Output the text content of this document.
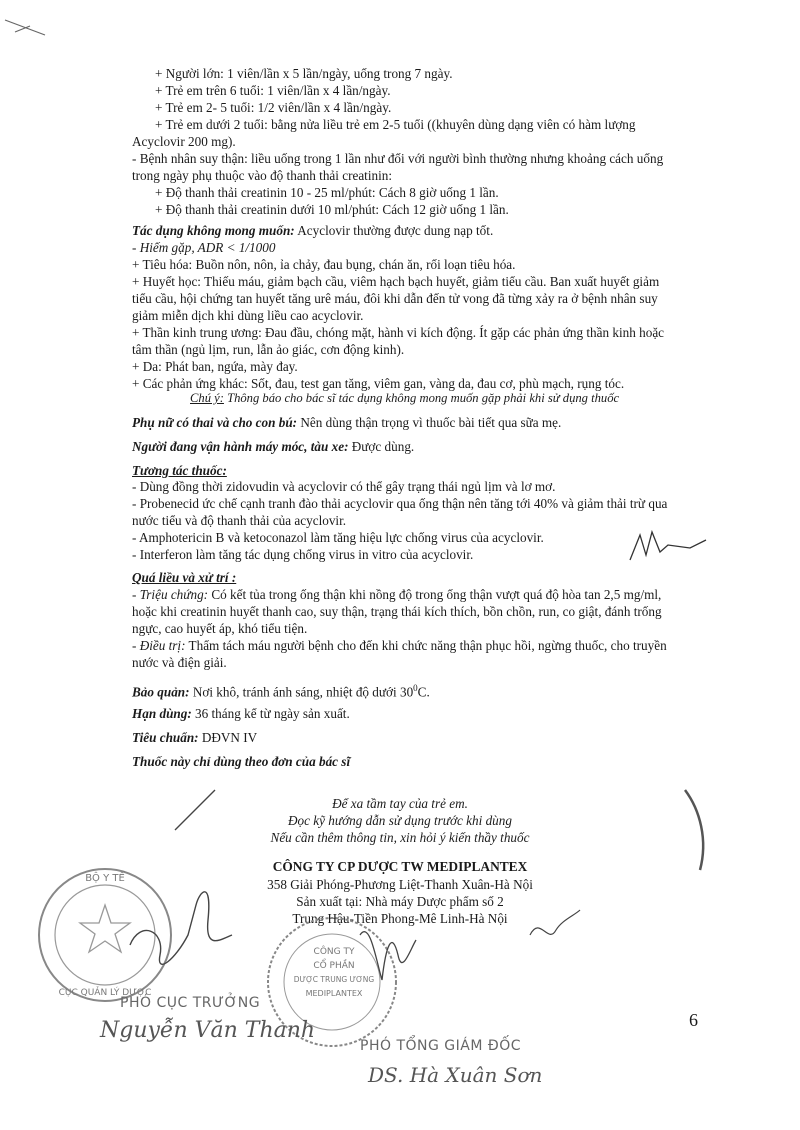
+ Người lớn: 1 viên/lần x 5 lần/ngày, uống trong 7 ngày.
+ Trẻ em trên 6 tuổi: 1 viên/lần x 4 lần/ngày.
+ Trẻ em 2- 5 tuổi: 1/2 viên/lần x 4 lần/ngày.
+ Trẻ em dưới 2 tuổi: bằng nửa liều trẻ em 2-5 tuổi ((khuyên dùng dạng viên có hàm lượng
Acyclovir 200 mg).
- Bệnh nhân suy thận: liều uống trong 1 lần như đối với người bình thường nhưng khoảng cách uống
trong ngày phụ thuộc vào độ thanh thải creatinin:
+ Độ thanh thải creatinin 10 - 25 ml/phút: Cách 8 giờ uống 1 lần.
+ Độ thanh thải creatinin dưới 10 ml/phút: Cách 12 giờ uống 1 lần.
Tác dụng không mong muốn: Acyclovir thường được dung nạp tốt.
- Hiếm gặp, ADR < 1/1000
+ Tiêu hóa: Buồn nôn, nôn, ỉa chảy, đau bụng, chán ăn, rối loạn tiêu hóa.
+ Huyết học: Thiếu máu, giảm bạch cầu, viêm hạch bạch huyết, giảm tiểu cầu. Ban xuất huyết giảm
tiểu cầu, hội chứng tan huyết tăng urê máu, đôi khi dẫn đến tử vong đã từng xảy ra ở bệnh nhân suy
giảm miễn dịch khi dùng liều cao acyclovir.
+ Thần kinh trung ương: Đau đầu, chóng mặt, hành vi kích động. Ít gặp các phản ứng thần kinh hoặc
tâm thần (ngủ lịm, run, lẫn ảo giác, cơn động kinh).
+ Da: Phát ban, ngứa, mày đay.
+ Các phản ứng khác: Sốt, đau, test gan tăng, viêm gan, vàng da, đau cơ, phù mạch, rụng tóc.
Chú ý: Thông báo cho bác sĩ tác dụng không mong muốn gặp phải khi sử dụng thuốc
Phụ nữ có thai và cho con bú: Nên dùng thận trọng vì thuốc bài tiết qua sữa mẹ.
Người đang vận hành máy móc, tàu xe: Được dùng.
Tương tác thuốc:
- Dùng đồng thời zidovudin và acyclovir có thể gây trạng thái ngủ lịm và lơ mơ.
- Probenecid ức chế cạnh tranh đào thải acyclovir qua ống thận nên tăng tới 40% và giảm thải trừ qua
nước tiểu và độ thanh thải của acyclovir.
- Amphotericin B và ketoconazol làm tăng hiệu lực chống virus của acyclovir.
- Interferon làm tăng tác dụng chống virus in vitro của acyclovir.
Quá liều và xử trí :
- Triệu chứng: Có kết tủa trong ống thận khi nồng độ trong ống thận vượt quá độ hòa tan 2,5 mg/ml,
hoặc khi creatinin huyết thanh cao, suy thận, trạng thái kích thích, bồn chồn, run, co giật, đánh trống
ngực, cao huyết áp, khó tiểu tiện.
- Điều trị: Thẩm tách máu người bệnh cho đến khi chức năng thận phục hồi, ngừng thuốc, cho truyền
nước và điện giải.
Bảo quản: Nơi khô, tránh ánh sáng, nhiệt độ dưới $30^0C$.
Hạn dùng: 36 tháng kể từ ngày sản xuất.
Tiêu chuẩn: DĐVN IV
Thuốc này chỉ dùng theo đơn của bác sĩ
Để xa tầm tay của trẻ em.
Đọc kỹ hướng dẫn sử dụng trước khi dùng
Nếu cần thêm thông tin, xin hỏi ý kiến thầy thuốc
CÔNG TY CP DƯỢC TW MEDIPLANTEX
358 Giải Phóng-Phương Liệt-Thanh Xuân-Hà Nội
Sản xuất tại: Nhà máy Dược phẩm số 2
Trung Hậu-Tiền Phong-Mê Linh-Hà Nội
BỘ Y TẾ
CỤC QUẢN LÝ DƯỢC
CÔNG TY
CỔ PHẦN
DƯỢC TRUNG ƯƠNG
MEDIPLANTEX
PHÓ CỤC TRƯỞNG
Nguyễn Văn Thanh
PHÓ TỔNG GIÁM ĐỐC
DS. Hà Xuân Sơn
6
